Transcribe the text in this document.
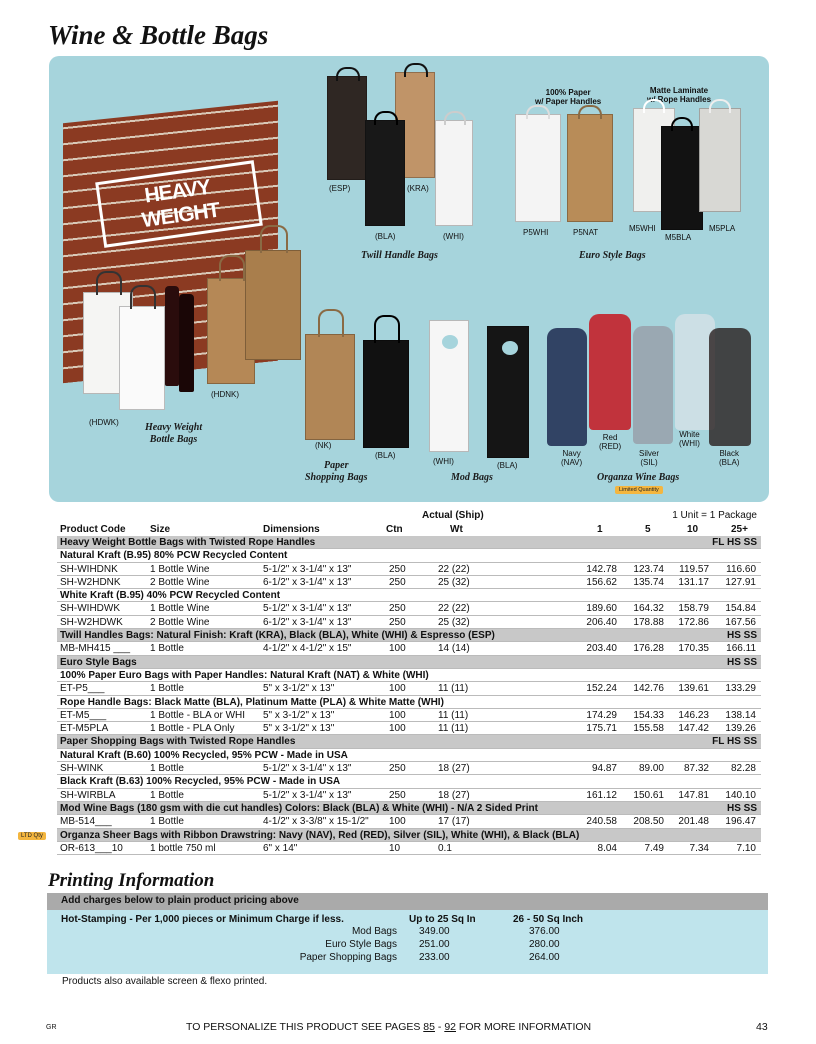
Wine & Bottle Bags
HEAVY WEIGHT
(HDWK)
(HDNK)
Heavy Weight
Bottle Bags
(ESP)	(KRA)
(BLA)	(WHI)
Twill Handle Bags
100% Paper
w/ Paper Handles
Matte Laminate
w/ Rope Handles
P5WHI	P5NAT	M5WHI
M5BLA
M5PLA
Euro Style Bags
(NK)
(BLA)
Paper
Shopping Bags
(WHI)	(BLA)
Mod Bags
Navy
(NAV)
Red
(RED)
Silver
(SIL)
White
(WHI)
Black
(BLA)
Organza Wine Bags
Limited Quantity
1 Unit = 1 Package
Actual (Ship)
Product Code Size	Dimensions	Ctn	Wt	1	5	10	25+
Heavy Weight Bottle Bags with Twisted Rope Handles	FL HS SS
Natural Kraft (B.95) 80% PCW Recycled Content
SH-WIHDNK	1 Bottle Wine	5-1/2" x 3-1/4" x 13"	250	22 (22)	142.78 123.74 119.57 116.60
SH-W2HDNK	2 Bottle Wine	6-1/2" x 3-1/4" x 13"	250	25 (32)	156.62 135.74 131.17 127.91
White Kraft (B.95) 40% PCW Recycled Content
SH-WIHDWK	1 Bottle Wine	5-1/2" x 3-1/4" x 13"	250	22 (22)	189.60 164.32 158.79 154.84
SH-W2HDWK	2 Bottle Wine	6-1/2" x 3-1/4" x 13"	250	25 (32)	206.40 178.88 172.86 167.56
Twill Handles Bags: Natural Finish: Kraft (KRA), Black (BLA), White (WHI) & Espresso (ESP)	HS SS
MB-MH415 ___ 1 Bottle	4-1/2" x 4-1/2" x 15"	100	14 (14)	203.40 176.28 170.35 166.11
Euro Style Bags	HS SS
100% Paper Euro Bags with Paper Handles: Natural Kraft (NAT) & White (WHI)
ET-P5___	1 Bottle	5" x 3-1/2" x 13"	100	11 (11)	152.24 142.76 139.61 133.29
Rope Handle Bags: Black Matte (BLA), Platinum Matte (PLA) & White Matte (WHI)
ET-M5___	1 Bottle - BLA or WHI 5" x 3-1/2" x 13"	100	11 (11)	174.29 154.33 146.23 138.14
ET-M5PLA	1 Bottle - PLA Only	5" x 3-1/2" x 13"	100	11 (11)	175.71 155.58 147.42 139.26
Paper Shopping Bags with Twisted Rope Handles	FL HS SS
Natural Kraft (B.60) 100% Recycled, 95% PCW - Made in USA
SH-WINK	1 Bottle	5-1/2" x 3-1/4" x 13"	250	18 (27)	94.87 89.00 87.32 82.28
Black Kraft (B.63) 100% Recycled, 95% PCW - Made in USA
SH-WIRBLA	1 Bottle	5-1/2" x 3-1/4" x 13"	250	18 (27)	161.12 150.61 147.81 140.10
Mod Wine Bags (180 gsm with die cut handles) Colors: Black (BLA) & White (WHI) - N/A 2 Sided Print	HS SS
MB-514___	1 Bottle	4-1/2" x 3-3/8" x 15-1/2" 100	17 (17)	240.58 208.50 201.48 196.47
Organza Sheer Bags with Ribbon Drawstring: Navy (NAV), Red (RED), Silver (SIL), White (WHI), & Black (BLA)
OR-613___10	1 bottle 750 ml	6" x 14"	10	0.1	8.04	7.49	7.34	7.10
LTD Qty
Printing Information
Hot-Stamping - Per 1,000 pieces or Minimum Charge if less.	Up to 25 Sq In	26 - 50 Sq Inch
Mod Bags 349.00	376.00
Euro Style Bags 251.00	280.00
Paper Shopping Bags 233.00	264.00
Add charges below to plain product pricing above
Products also available screen & flexo printed.
GR	TO PERSONALIZE THIS PRODUCT SEE PAGES 85 - 92 FOR MORE INFORMATION	43
